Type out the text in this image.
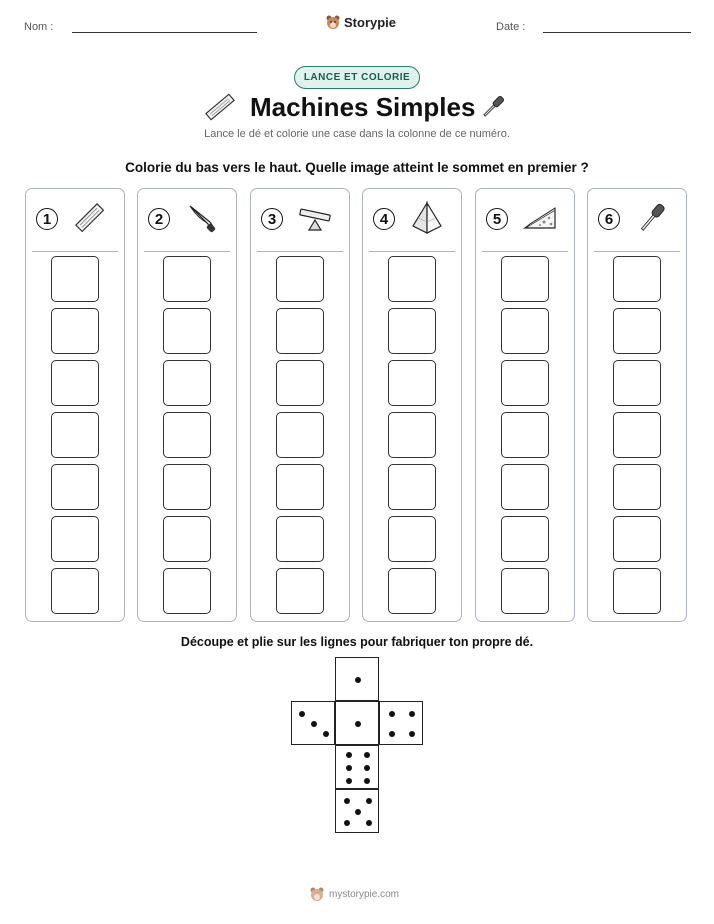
Nom :	Storypie	Date :
LANCE ET COLORIE
Machines Simples
Lance le dé et colorie une case dans la colonne de ce numéro.
Colorie du bas vers le haut. Quelle image atteint le sommet en premier ?
1	2	3	4	5	6
Découpe et plie sur les lignes pour fabriquer ton propre dé.
mystorypie.com
